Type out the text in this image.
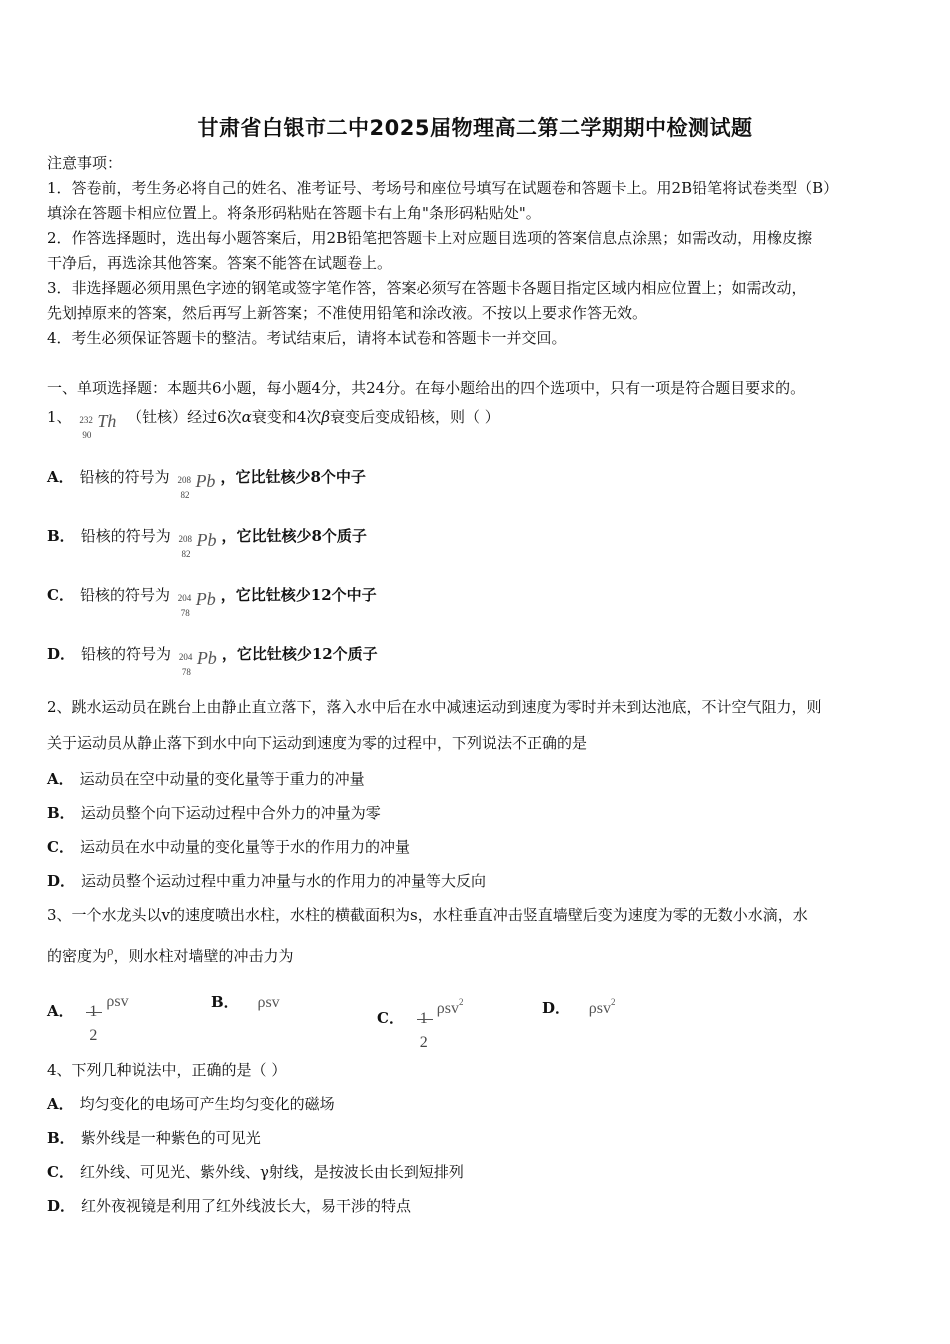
甘肃省白银市二中2025届物理高二第二学期期中检测试题
注意事项：
1．答卷前，考生务必将自己的姓名、准考证号、考场号和座位号填写在试题卷和答题卡上。用2B铅笔将试卷类型（B）
填涂在答题卡相应位置上。将条形码粘贴在答题卡右上角"条形码粘贴处"。
2．作答选择题时，选出每小题答案后，用2B铅笔把答题卡上对应题目选项的答案信息点涂黑；如需改动，用橡皮擦
干净后，再选涂其他答案。答案不能答在试题卷上。
3．非选择题必须用黑色字迹的钢笔或签字笔作答，答案必须写在答题卡各题目指定区域内相应位置上；如需改动，
先划掉原来的答案，然后再写上新答案；不准使用铅笔和涂改液。不按以上要求作答无效。
4．考生必须保证答题卡的整洁。考试结束后，请将本试卷和答题卡一并交回。
一、单项选择题：本题共6小题，每小题4分，共24分。在每小题给出的四个选项中，只有一项是符合题目要求的。
1、 232
90
Th （钍核）经过6次α衰变和4次β衰变后变成铅核，则（ ）
A． 铅核的符号为 208
82
Pb ，它比钍核少8个中子
B． 铅核的符号为 208
82
Pb ，它比钍核少8个质子
C． 铅核的符号为 204
78
Pb ，它比钍核少12个中子
D． 铅核的符号为 204
78
Pb ，它比钍核少12个质子
2、跳水运动员在跳台上由静止直立落下，落入水中后在水中减速运动到速度为零时并未到达池底，不计空气阻力，则
关于运动员从静止落下到水中向下运动到速度为零的过程中，下列说法不正确的是
A． 运动员在空中动量的变化量等于重力的冲量
B． 运动员整个向下运动过程中合外力的冲量为零
C． 运动员在水中动量的变化量等于水的作用力的冲量
D． 运动员整个运动过程中重力冲量与水的作用力的冲量等大反向
3、一个水龙头以v的速度喷出水柱，水柱的横截面积为s，水柱垂直冲击竖直墙壁后变为速度为零的无数小水滴，水
的密度为ρ，则水柱对墙壁的冲击力为
A． 1
2
ρsv	B． ρsv
C． 1
2
ρsv$^2$	D． ρsv$^2$
4、下列几种说法中，正确的是（ ）
A． 均匀变化的电场可产生均匀变化的磁场
B． 紫外线是一种紫色的可见光
C． 红外线、可见光、紫外线、γ射线，是按波长由长到短排列
D． 红外夜视镜是利用了红外线波长大，易干涉的特点
